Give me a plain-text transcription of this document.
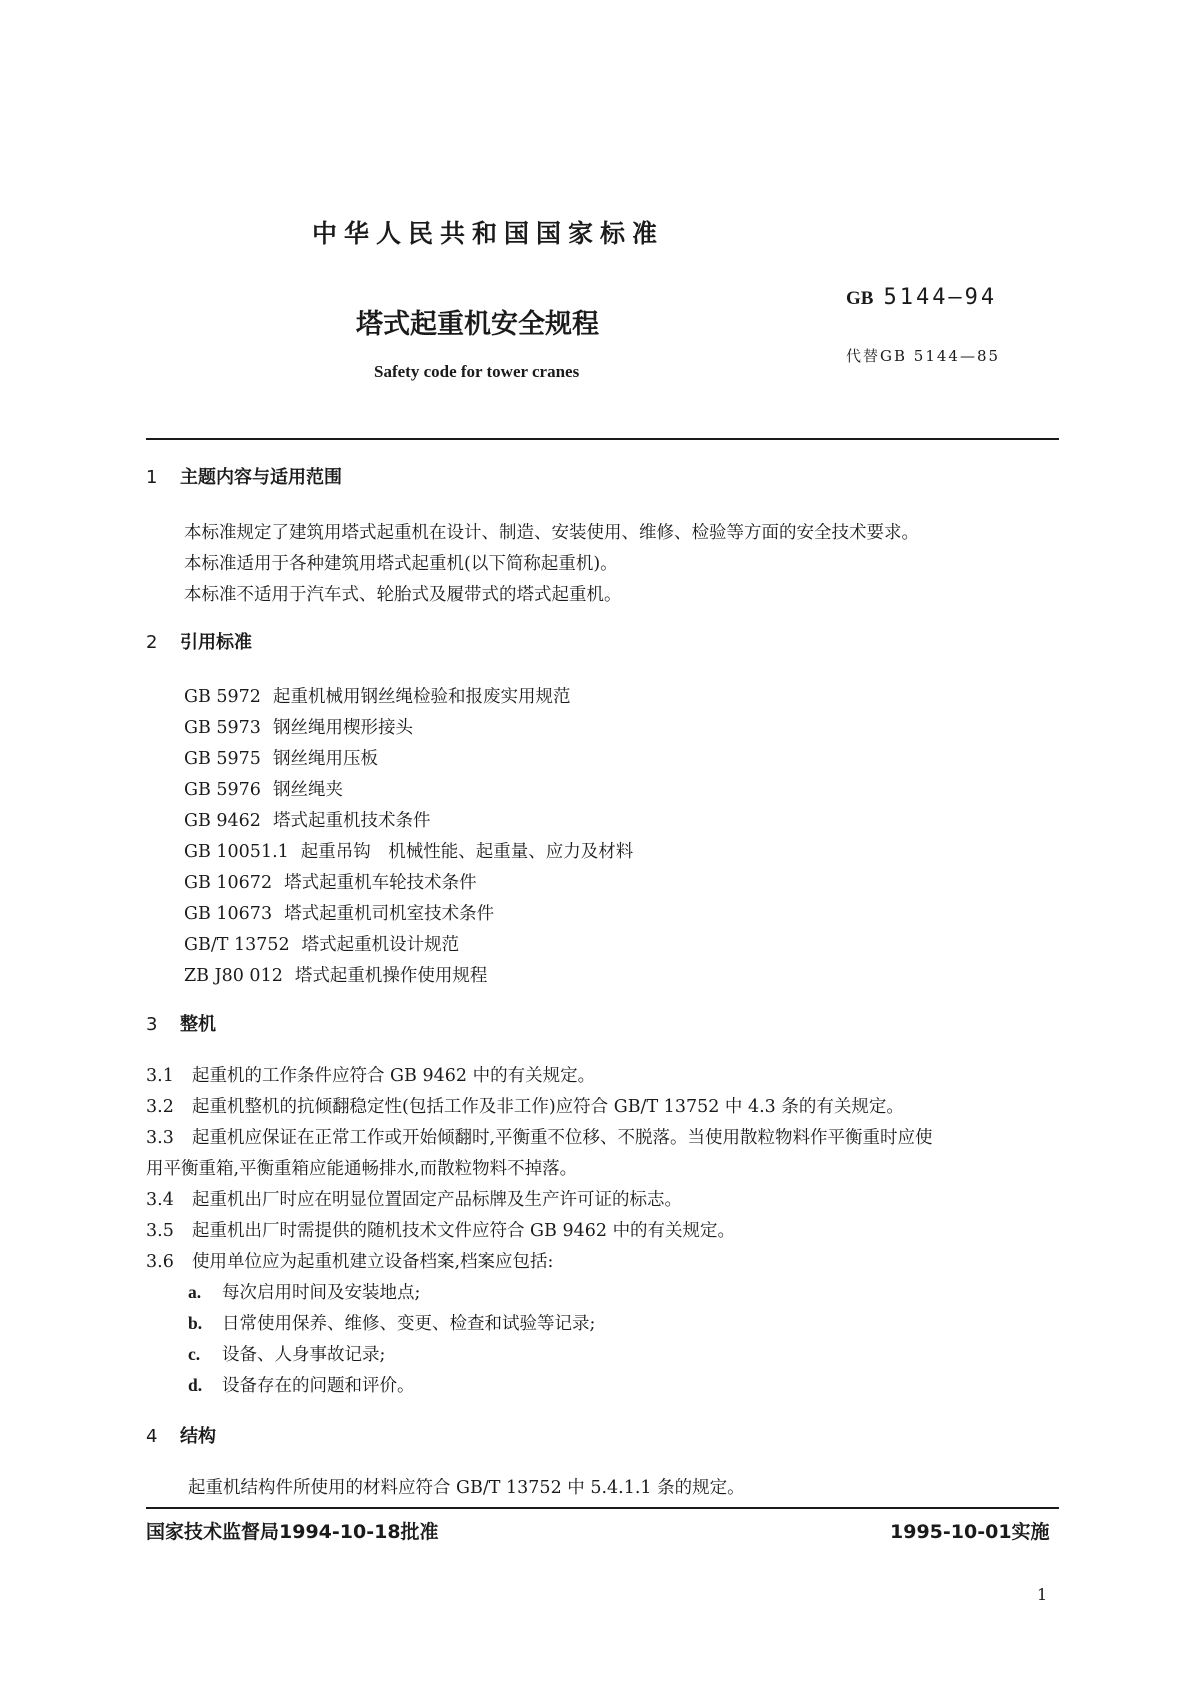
中华人民共和国国家标准
塔式起重机安全规程
Safety code for tower cranes
GB 5144—94
代替GB 5144—85
1 主题内容与适用范围
本标准规定了建筑用塔式起重机在设计、制造、安装使用、维修、检验等方面的安全技术要求。
本标准适用于各种建筑用塔式起重机(以下简称起重机)。
本标准不适用于汽车式、轮胎式及履带式的塔式起重机。
2 引用标准
GB 5972 起重机械用钢丝绳检验和报废实用规范
GB 5973 钢丝绳用楔形接头
GB 5975 钢丝绳用压板
GB 5976 钢丝绳夹
GB 9462 塔式起重机技术条件
GB 10051.1 起重吊钩　机械性能、起重量、应力及材料
GB 10672 塔式起重机车轮技术条件
GB 10673 塔式起重机司机室技术条件
GB/T 13752 塔式起重机设计规范
ZB J80 012 塔式起重机操作使用规程
3 整机
3.1 起重机的工作条件应符合 GB 9462 中的有关规定。
3.2 起重机整机的抗倾翻稳定性(包括工作及非工作)应符合 GB/T 13752 中 4.3 条的有关规定。
3.3 起重机应保证在正常工作或开始倾翻时,平衡重不位移、不脱落。当使用散粒物料作平衡重时应使
用平衡重箱,平衡重箱应能通畅排水,而散粒物料不掉落。
3.4 起重机出厂时应在明显位置固定产品标牌及生产许可证的标志。
3.5 起重机出厂时需提供的随机技术文件应符合 GB 9462 中的有关规定。
3.6 使用单位应为起重机建立设备档案,档案应包括:
a. 每次启用时间及安装地点;
b. 日常使用保养、维修、变更、检查和试验等记录;
c. 设备、人身事故记录;
d. 设备存在的问题和评价。
4 结构
起重机结构件所使用的材料应符合 GB/T 13752 中 5.4.1.1 条的规定。
国家技术监督局1994-10-18批准	1995-10-01实施
1
